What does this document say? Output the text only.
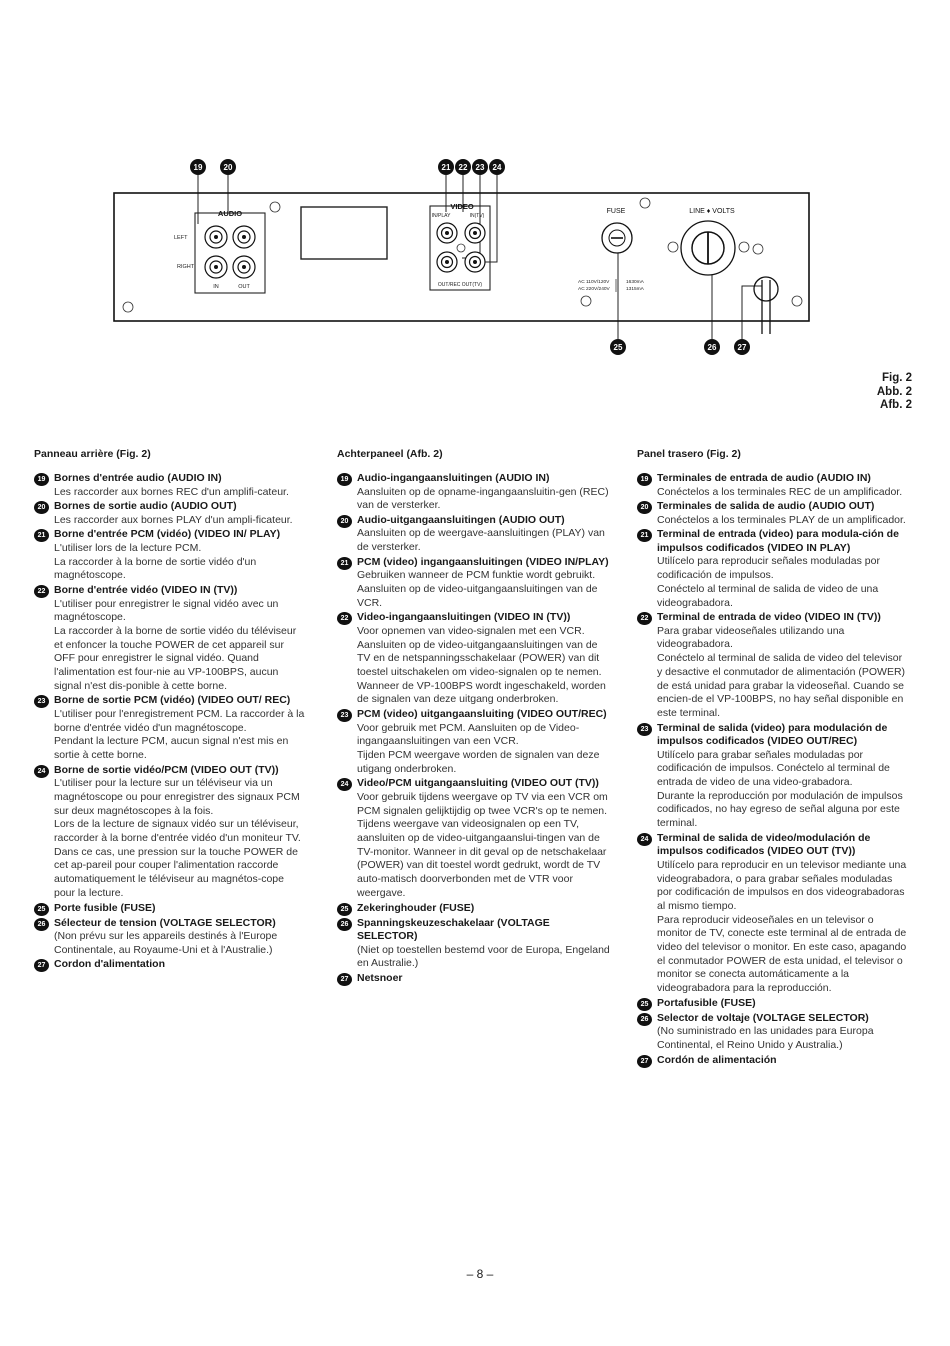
19	20	21 22 23 24
25	26	27
AUDIO
LEFT
RIGHT
IN	OUT
VIDEO
IN/PLAY	IN(TV)
OUT/REC OUT(TV)
FUSE
AC 110V/120V
AC 220V/240V
1630mA
1315mA
LINE ♦ VOLTS
Fig. 2
Abb. 2
Afb. 2
Panneau arrière (Fig. 2)
19 Bornes d'entrée audio (AUDIO IN)

Les raccorder aux bornes REC d'un amplifi-cateur.

20 Bornes de sortie audio (AUDIO OUT)

Les raccorder aux bornes PLAY d'un ampli-ficateur.

21 Borne d'entrée PCM (vidéo) (VIDEO IN/ PLAY)

L'utiliser lors de la lecture PCM.

La raccorder à la borne de sortie vidéo d'un magnétoscope.

22 Borne d'entrée vidéo (VIDEO IN (TV))

L'utiliser pour enregistrer le signal vidéo avec un magnétoscope.

La raccorder à la borne de sortie vidéo du téléviseur et enfoncer la touche POWER de cet appareil sur OFF pour enregistrer le signal vidéo. Quand l'alimentation est four-nie au VP-100BPS, aucun signal n'est dis-ponible à cette borne.

23 Borne de sortie PCM (vidéo) (VIDEO OUT/ REC)

L'utiliser pour l'enregistrement PCM. La raccorder à la borne d'entrée vidéo d'un magnétoscope.

Pendant la lecture PCM, aucun signal n'est mis en sortie à cette borne.

24 Borne de sortie vidéo/PCM (VIDEO OUT (TV))

L'utiliser pour la lecture sur un téléviseur via un magnétoscope ou pour enregistrer des signaux PCM sur deux magnétoscopes à la fois.

Lors de la lecture de signaux vidéo sur un téléviseur, raccorder à la borne d'entrée vidéo d'un moniteur TV. Dans ce cas, une pression sur la touche POWER de cet ap-pareil pour couper l'alimentation raccorde automatiquement le téléviseur au magnétos-cope pour la lecture.

25 Porte fusible (FUSE)
26 Sélecteur de tension (VOLTAGE SELECTOR)

(Non prévu sur les appareils destinés à l'Europe Continentale, au Royaume-Uni et à l'Australie.)

27 Cordon d'alimentation
Achterpaneel (Afb. 2)
19 Audio-ingangaansluitingen (AUDIO IN)

Aansluiten op de opname-ingangaansluitin-gen (REC) van de versterker.

20 Audio-uitgangaansluitingen (AUDIO OUT)

Aansluiten op de weergave-aansluitingen (PLAY) van de versterker.

21 PCM (video) ingangaansluitingen (VIDEO IN/PLAY)

Gebruiken wanneer de PCM funktie wordt gebruikt.

Aansluiten op de video-uitgangaansluitingen van de VCR.

22 Video-ingangaansluitingen (VIDEO IN (TV))

Voor opnemen van video-signalen met een VCR.

Aansluiten op de video-uitgangaansluitingen van de TV en de netspanningsschakelaar (POWER) van dit toestel uitschakelen om video-signalen op te nemen. Wanneer de VP-100BPS wordt ingeschakeld, worden de signalen van deze uitgang onderbroken.

23 PCM (video) uitgangaansluiting (VIDEO OUT/REC)

Voor gebruik met PCM. Aansluiten op de Video-ingangaansluitingen van een VCR.

Tijden PCM weergave worden de signalen van deze utigang onderbroken.

24 Video/PCM uitgangaansluiting (VIDEO OUT (TV))

Voor gebruik tijdens weergave op TV via een VCR om PCM signalen gelijktijdig op twee VCR's op te nemen.

Tijdens weergave van videosignalen op een TV, aansluiten op de video-uitgangaanslui-tingen van de TV-monitor. Wanneer in dit geval op de netschakelaar (POWER) van dit toestel wordt gedrukt, wordt de TV auto-matisch doorverbonden met de VTR voor weergave.

25 Zekeringhouder (FUSE)
26 Spanningskeuzeschakelaar (VOLTAGE SELECTOR)

(Niet op toestellen bestemd voor de Europa, Engeland en Australie.)

27 Netsnoer
Panel trasero (Fig. 2)
19 Terminales de entrada de audio (AUDIO IN)

Conéctelos a los terminales REC de un amplificador.

20 Terminales de salida de audio (AUDIO OUT)

Conéctelos a los terminales PLAY de un amplificador.

21 Terminal de entrada (video) para modula-ción de impulsos codificados (VIDEO IN PLAY)

Utilícelo para reproducir señales moduladas por codificación de impulsos.

Conéctelo al terminal de salida de video de una videograbadora.

22 Terminal de entrada de video (VIDEO IN (TV))

Para grabar videoseñales utilizando una videograbadora.

Conéctelo al terminal de salida de video del televisor y desactive el conmutador de alimentación (POWER) de está unidad para grabar la videoseñal. Cuando se encien-de el VP-100BPS, no hay señal disponible en este terminal.

23 Terminal de salida (video) para modulación de impulsos codificados (VIDEO OUT/REC)

Utilícelo para grabar señales moduladas por codificación de impulsos. Conéctelo al terminal de entrada de video de una video-grabadora.

Durante la reproducción por modulación de impulsos codificados, no hay egreso de señal alguna por este terminal.

24 Terminal de salida de video/modulación de impulsos codificados (VIDEO OUT (TV))

Utilícelo para reproducir en un televisor mediante una videograbadora, o para grabar señales moduladas por codificación de impulsos en dos videograbadoras al mismo tiempo.

Para reproducir videoseñales en un televisor o monitor de TV, conecte este terminal al de entrada de video del televisor o monitor. En este caso, apagando el conmutador POWER de esta unidad, el televisor o monitor se conecta automáticamente a la videograbadora para la reproducción.

25 Portafusible (FUSE)
26 Selector de voltaje (VOLTAGE SELECTOR)

(No suministrado en las unidades para Europa Continental, el Reino Unido y Australia.)

27 Cordón de alimentación
– 8 –
